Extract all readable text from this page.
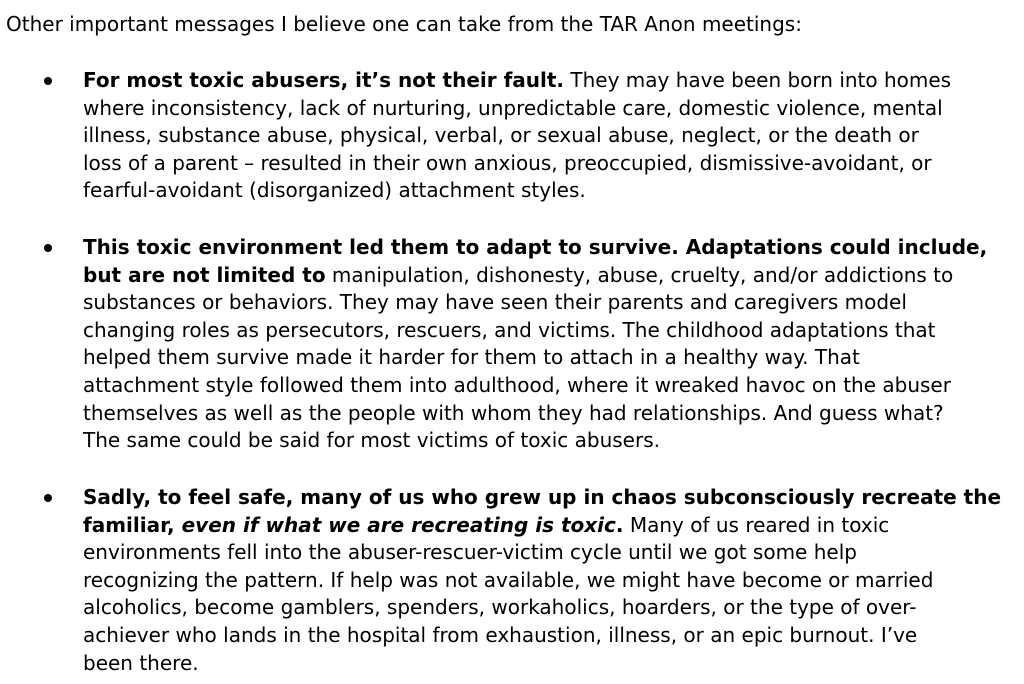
Other important messages I believe one can take from the TAR Anon meetings:

For most toxic abusers, it’s not their fault. They may have been born into homes
where inconsistency, lack of nurturing, unpredictable care, domestic violence, mental
illness, substance abuse, physical, verbal, or sexual abuse, neglect, or the death or
loss of a parent – resulted in their own anxious, preoccupied, dismissive-avoidant, or
fearful-avoidant (disorganized) attachment styles.
This toxic environment led them to adapt to survive. Adaptations could include,
but are not limited to manipulation, dishonesty, abuse, cruelty, and/or addictions to
substances or behaviors. They may have seen their parents and caregivers model
changing roles as persecutors, rescuers, and victims. The childhood adaptations that
helped them survive made it harder for them to attach in a healthy way. That
attachment style followed them into adulthood, where it wreaked havoc on the abuser
themselves as well as the people with whom they had relationships. And guess what?
The same could be said for most victims of toxic abusers.
Sadly, to feel safe, many of us who grew up in chaos subconsciously recreate the
familiar, even if what we are recreating is toxic. Many of us reared in toxic
environments fell into the abuser-rescuer-victim cycle until we got some help
recognizing the pattern. If help was not available, we might have become or married
alcoholics, become gamblers, spenders, workaholics, hoarders, or the type of over-
achiever who lands in the hospital from exhaustion, illness, or an epic burnout. I’ve
been there.
